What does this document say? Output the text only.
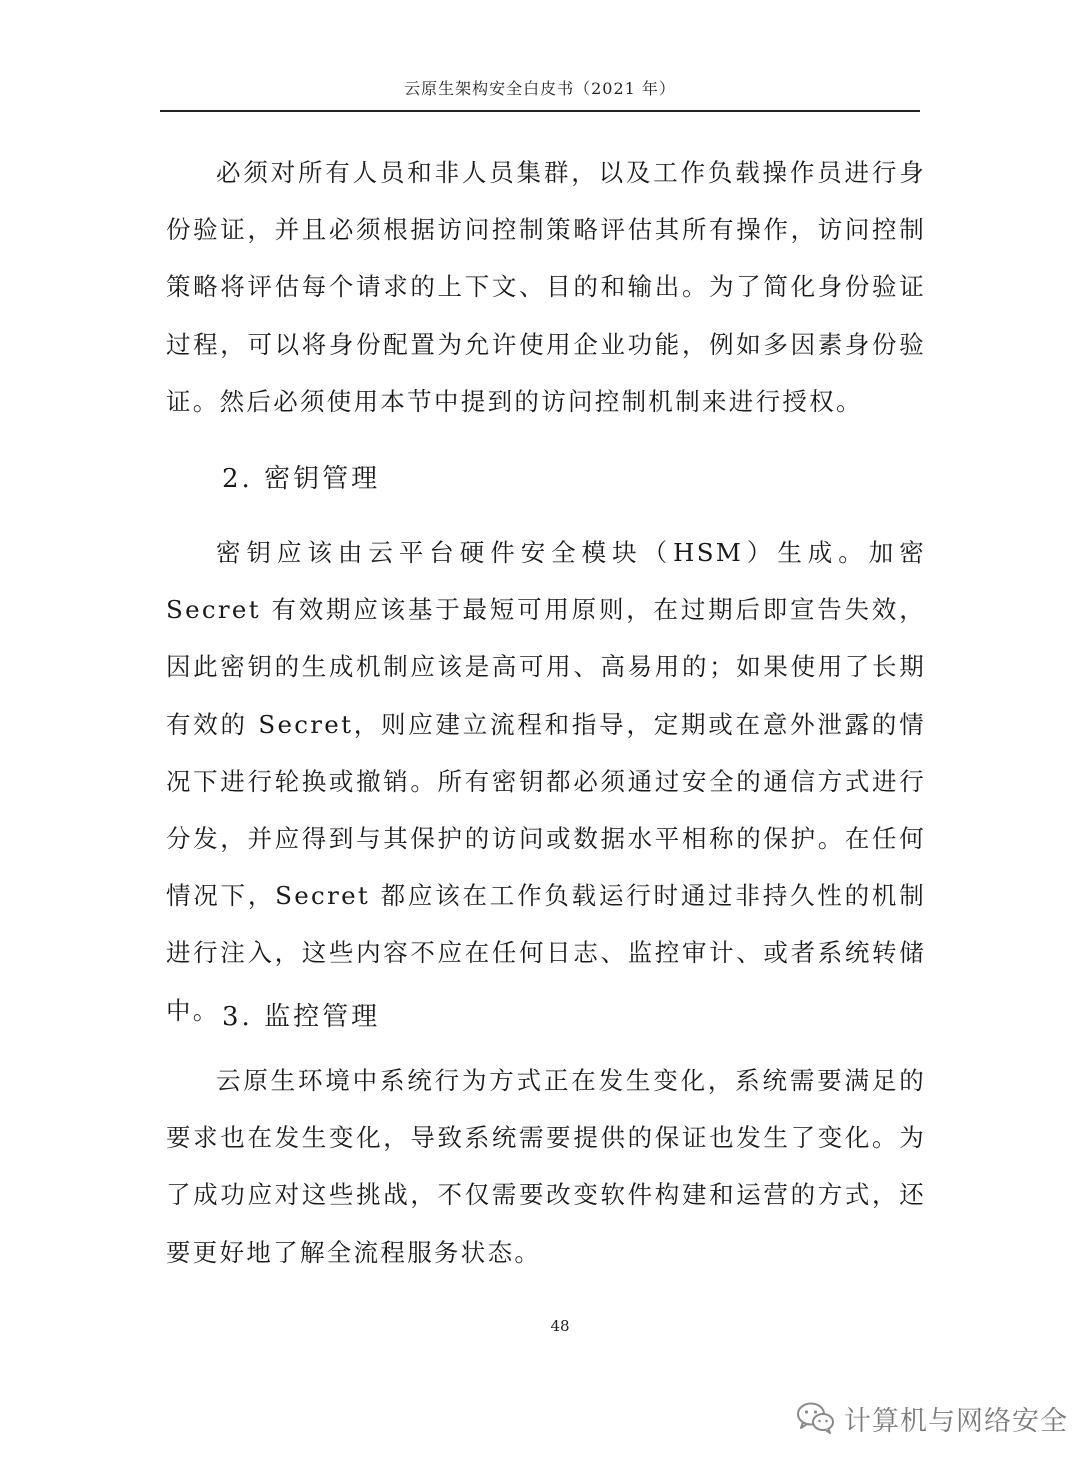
云原生架构安全白皮书（2021 年）

必须对所有人员和非人员集群，以及工作负载操作员进行身份验证，并且必须根据访问控制策略评估其所有操作，访问控制策略将评估每个请求的上下文、目的和输出。为了简化身份验证过程，可以将身份配置为允许使用企业功能，例如多因素身份验证。然后必须使用本节中提到的访问控制机制来进行授权。

2. 密钥管理

密钥应该由云平台硬件安全模块（HSM）生成。加密 Secret 有效期应该基于最短可用原则，在过期后即宣告失效，因此密钥的生成机制应该是高可用、高易用的；如果使用了长期有效的 Secret，则应建立流程和指导，定期或在意外泄露的情况下进行轮换或撤销。所有密钥都必须通过安全的通信方式进行分发，并应得到与其保护的访问或数据水平相称的保护。在任何情况下，Secret 都应该在工作负载运行时通过非持久性的机制进行注入，这些内容不应在任何日志、监控审计、或者系统转储中。 3. 监控管理

云原生环境中系统行为方式正在发生变化，系统需要满足的要求也在发生变化，导致系统需要提供的保证也发生了变化。为了成功应对这些挑战，不仅需要改变软件构建和运营的方式，还要更好地了解全流程服务状态。

48
计算机与网络安全
